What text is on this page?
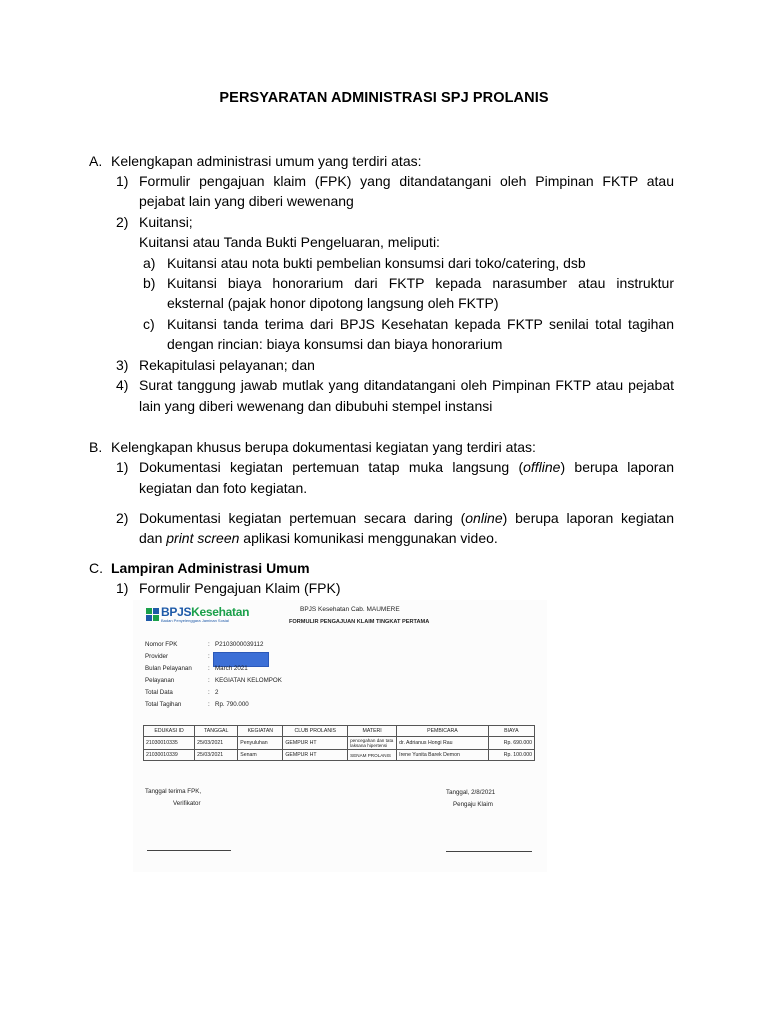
PERSYARATAN ADMINISTRASI SPJ PROLANIS
A. Kelengkapan administrasi umum yang terdiri atas:
1) Formulir pengajuan klaim (FPK) yang ditandatangani oleh Pimpinan FKTP atau
pejabat lain yang diberi wewenang
2) Kuitansi;
Kuitansi atau Tanda Bukti Pengeluaran, meliputi:
a) Kuitansi atau nota bukti pembelian konsumsi dari toko/catering, dsb
b) Kuitansi biaya honorarium dari FKTP kepada narasumber atau instruktur
eksternal (pajak honor dipotong langsung oleh FKTP)
c) Kuitansi tanda terima dari BPJS Kesehatan kepada FKTP senilai total tagihan
dengan rincian: biaya konsumsi dan biaya honorarium
3) Rekapitulasi pelayanan; dan
4) Surat tanggung jawab mutlak yang ditandatangani oleh Pimpinan FKTP atau pejabat
lain yang diberi wewenang dan dibubuhi stempel instansi
B. Kelengkapan khusus berupa dokumentasi kegiatan yang terdiri atas:
1) Dokumentasi kegiatan pertemuan tatap muka langsung (offline) berupa laporan
kegiatan dan foto kegiatan.
2) Dokumentasi kegiatan pertemuan secara daring (online) berupa laporan kegiatan
dan print screen aplikasi komunikasi menggunakan video.
C. Lampiran Administrasi Umum
1) Formulir Pengajuan Klaim (FPK)
BPJSKesehatan
Badan Penyelenggara Jaminan Sosial
BPJS Kesehatan Cab. MAUMERE
FORMULIR PENGAJUAN KLAIM TINGKAT PERTAMA
Nomor FPK	: P2103000039112
Provider	:
Bulan Pelayanan	: March 2021
Pelayanan	: KEGIATAN KELOMPOK
Total Data	: 2
Total Tagihan	: Rp. 790.000
EDUKASI ID	TANGGAL	KEGIATAN	CLUB PROLANIS	MATERI	PEMBICARA	BIAYA
21030010335	25/03/2021	Penyuluhan	GEMPUR HT	pencegahan dan tata laksana hipertensi	dr. Adrianus Hongi Rau	Rp. 690.000
21030010339	25/03/2021	Senam	GEMPUR HT	SENAM PROLANIS	Irene Yunita Barek Demon	Rp. 100.000
Tanggal terima FPK,
Verifikator
Tanggal, 2/8/2021
Pengaju Klaim
